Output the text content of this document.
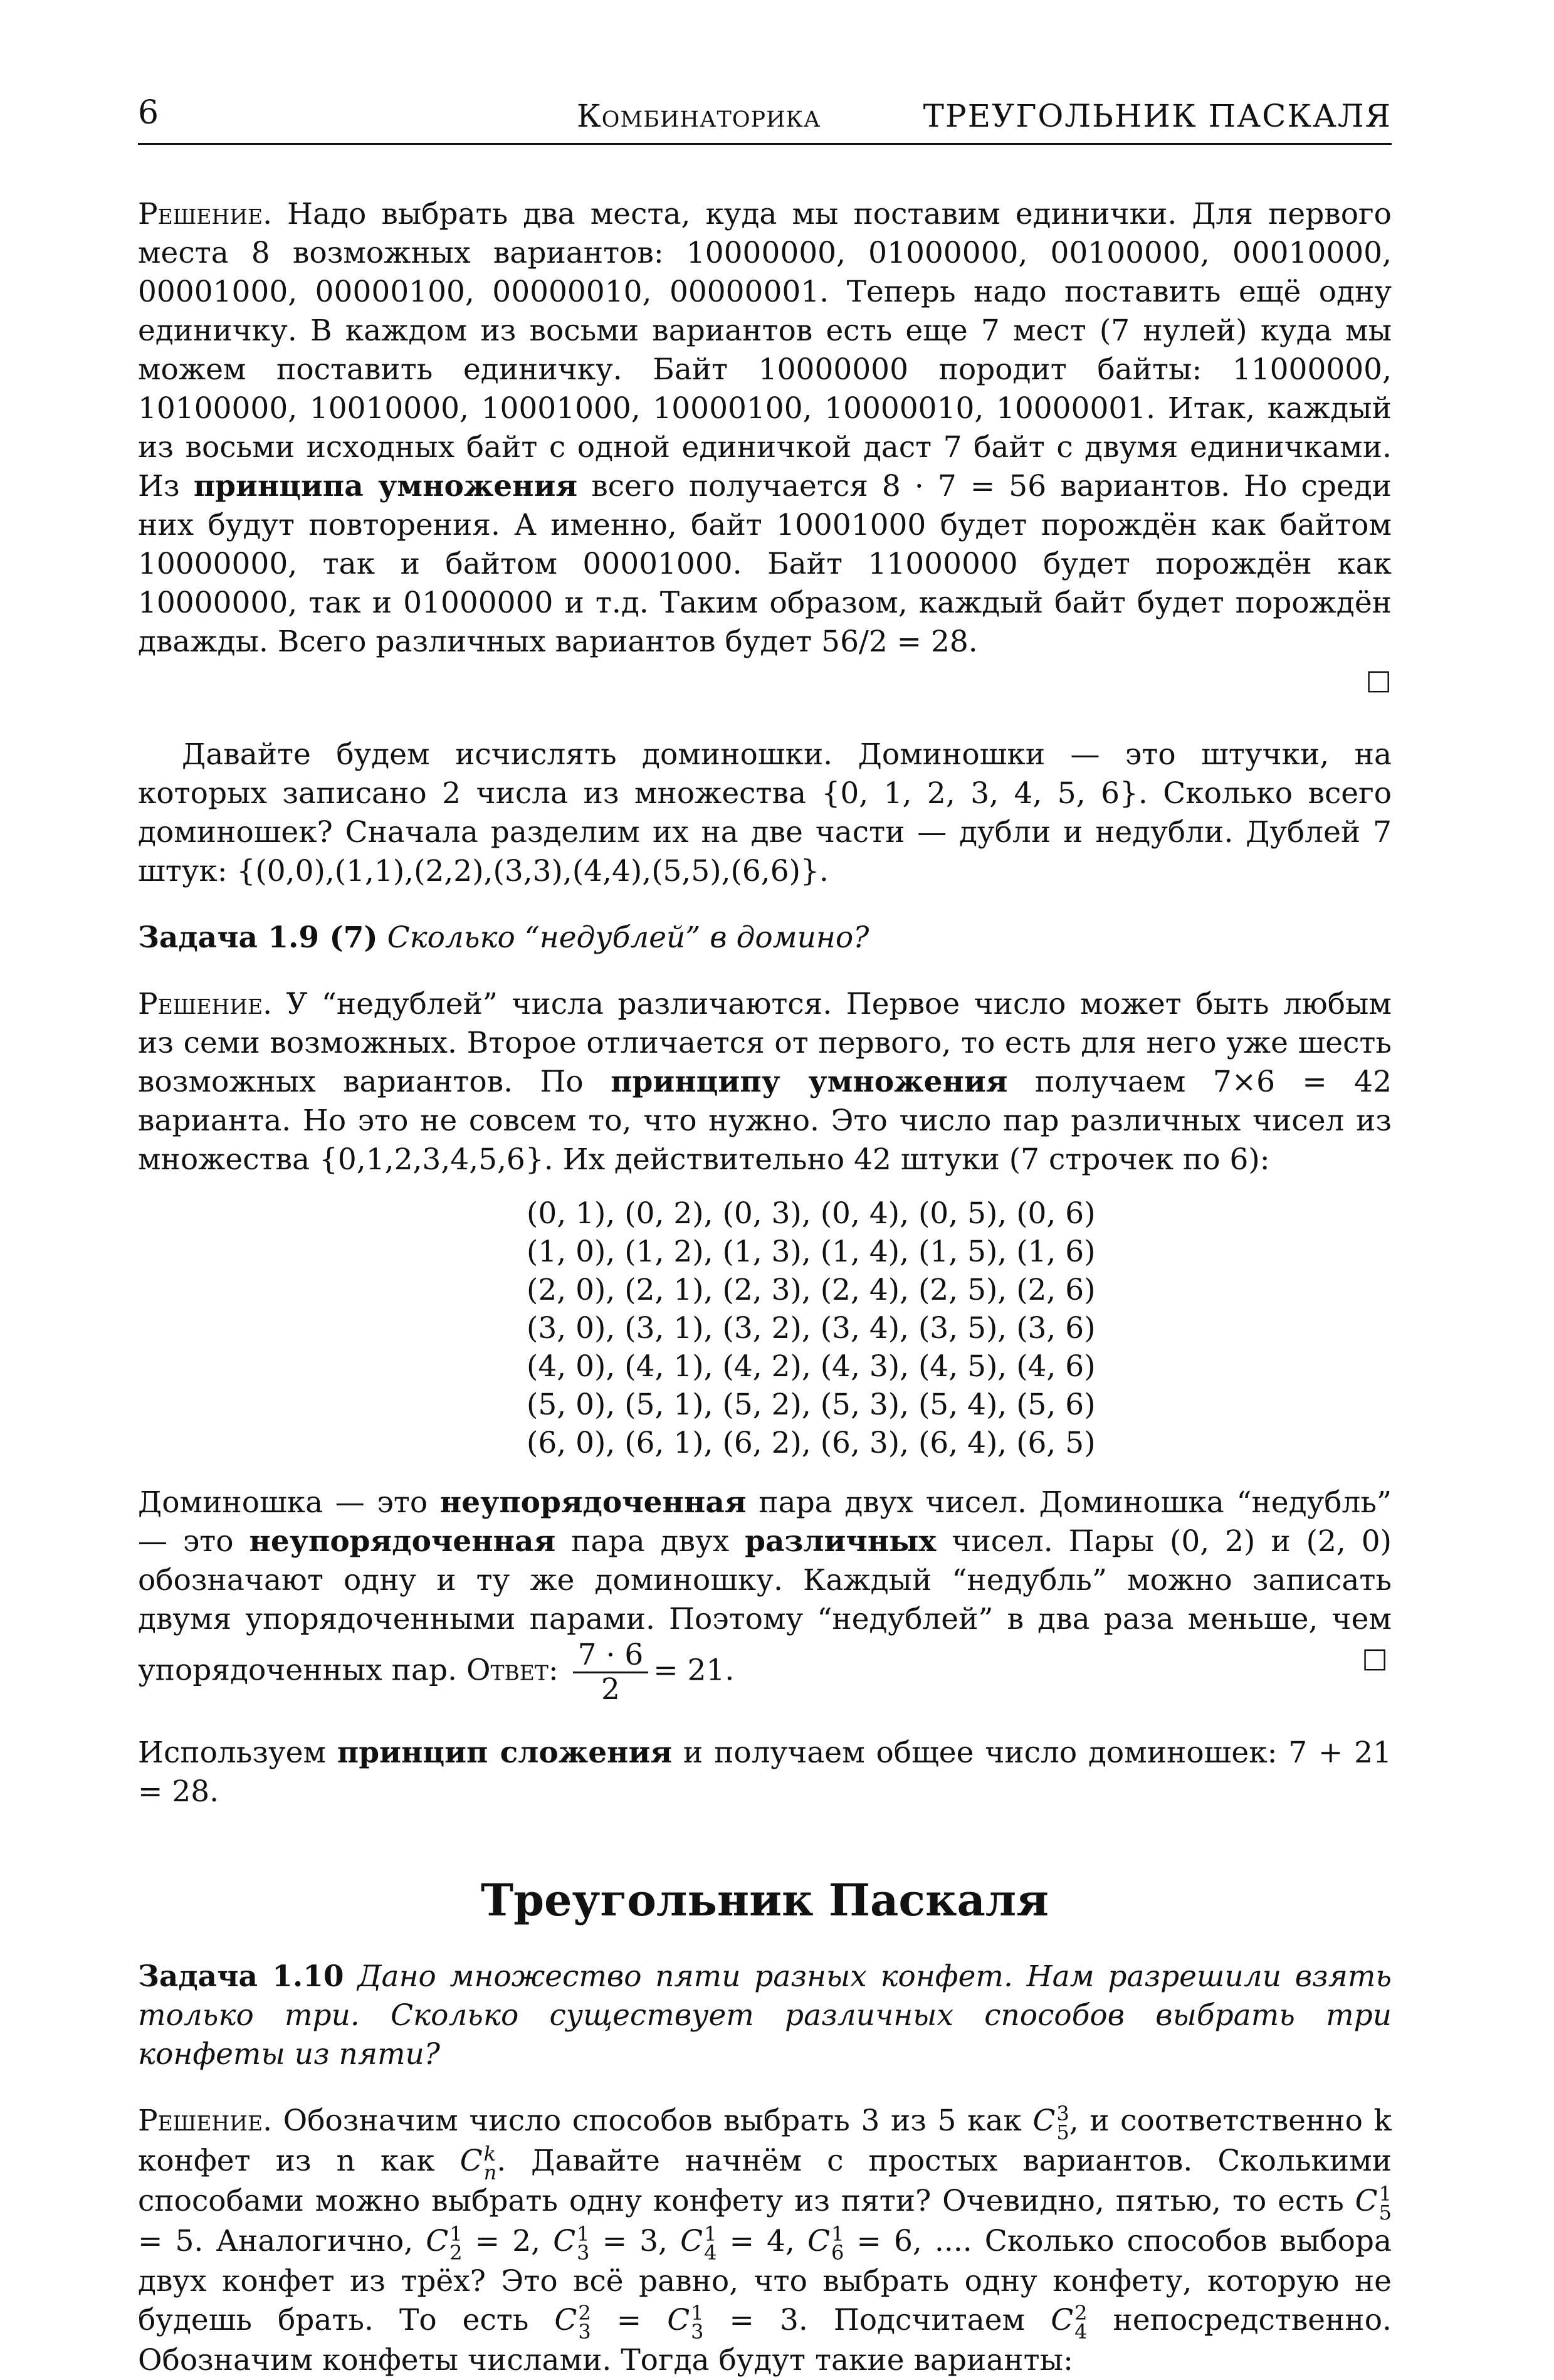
6	Комбинаторика	ТРЕУГОЛЬНИК ПАСКАЛЯ

Решение. Надо выбрать два места, куда мы поставим единички. Для первого места 8 возможных вариантов: 10000000, 01000000, 00100000, 00010000, 00001000, 00000100, 00000010, 00000001. Теперь надо поставить ещё одну единичку. В каждом из восьми вариантов есть еще 7 мест (7 нулей) куда мы можем поставить единичку. Байт 10000000 породит байты: 11000000, 10100000, 10010000, 10001000, 10000100, 10000010, 10000001. Итак, каждый из восьми исходных байт с одной единичкой даст 7 байт с двумя единичками. Из принципа умножения всего получается 8 · 7 = 56 вариантов. Но среди них будут повторения. А именно, байт 10001000 будет порождён как байтом 10000000, так и байтом 00001000. Байт 11000000 будет порождён как 10000000, так и 01000000 и т.д. Таким образом, каждый байт будет порождён дважды. Всего различных вариантов будет 56/2 = 28.

□

Давайте будем исчислять доминошки. Доминошки — это штучки, на которых записано 2 числа из множества {0, 1, 2, 3, 4, 5, 6}. Сколько всего доминошек? Сначала разделим их на две части — дубли и недубли. Дублей 7 штук: {(0,0),(1,1),(2,2),(3,3),(4,4),(5,5),(6,6)}.

Задача 1.9 (7) Сколько “недублей” в домино?

Решение. У “недублей” числа различаются. Первое число может быть любым из семи возможных. Второе отличается от первого, то есть для него уже шесть возможных вариантов. По принципу умножения получаем 7×6 = 42 варианта. Но это не совсем то, что нужно. Это число пар различных чисел из множества {0,1,2,3,4,5,6}. Их действительно 42 штуки (7 строчек по 6):

(0, 1), (0, 2), (0, 3), (0, 4), (0, 5), (0, 6)
(1, 0), (1, 2), (1, 3), (1, 4), (1, 5), (1, 6)
(2, 0), (2, 1), (2, 3), (2, 4), (2, 5), (2, 6)
(3, 0), (3, 1), (3, 2), (3, 4), (3, 5), (3, 6)
(4, 0), (4, 1), (4, 2), (4, 3), (4, 5), (4, 6)
(5, 0), (5, 1), (5, 2), (5, 3), (5, 4), (5, 6)
(6, 0), (6, 1), (6, 2), (6, 3), (6, 4), (6, 5)

Доминошка — это неупорядоченная пара двух чисел. Доминошка “недубль” — это неупорядоченная пара двух различных чисел. Пары (0, 2) и (2, 0) обозначают одну и ту же доминошку. Каждый “недубль” можно записать двумя упорядоченными парами. Поэтому “недублей” в два раза меньше, чем упорядоченных пар. Ответ: $\frac{7 \cdot 6}{2} = 21$.	□

Используем принцип сложения и получаем общее число доминошек: 7 + 21 = 28.

Треугольник Паскаля

Задача 1.10 Дано множество пяти разных конфет. Нам разрешили взять только три. Сколько существует различных способов выбрать три конфеты из пяти?

Решение. Обозначим число способов выбрать 3 из 5 как C 3
5 , и соответственно k конфет из n как C k
n . Давайте начнём с простых вариантов. Сколькими способами можно выбрать одну конфету из пяти? Очевидно, пятью, то есть C 1
5
= 5. Аналогично, C 1
2 = 2, C 1
3 = 3, C 1
4 = 4, C 1
6 = 6, .... Сколько способов выбора двух конфет из трёх? Это всё равно, что выбрать одну конфету, которую не будешь брать. То есть C 2
3 = C 1
3 = 3. Подсчитаем C 2
4 непосредственно. Обозначим конфеты числами. Тогда будут такие варианты:
